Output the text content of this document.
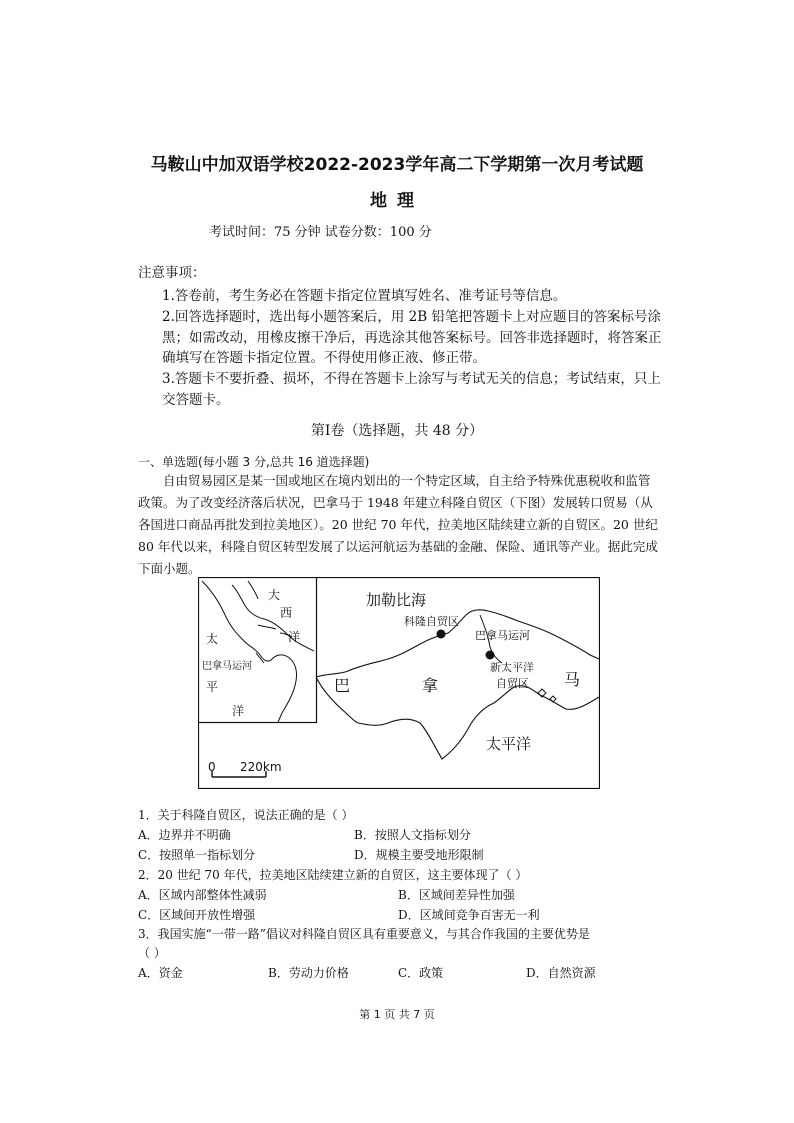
马鞍山中加双语学校2022-2023学年高二下学期第一次月考试题
地理
考试时间：75 分钟 试卷分数：100 分
注意事项：
1.答卷前，考生务必在答题卡指定位置填写姓名、准考证号等信息。
2.回答选择题时，选出每小题答案后，用 2B 铅笔把答题卡上对应题目的答案标号涂黑；如需改动，用橡皮擦干净后，再选涂其他答案标号。回答非选择题时，将答案正确填写在答题卡指定位置。不得使用修正液、修正带。
3.答题卡不要折叠、损坏，不得在答题卡上涂写与考试无关的信息；考试结束，只上交答题卡。
第Ⅰ卷（选择题，共 48 分）
一、单选题(每小题 3 分,总共 16 道选择题)

自由贸易园区是某一国或地区在境内划出的一个特定区域，自主给予特殊优惠税收和监管政策。为了改变经济落后状况，巴拿马于 1948 年建立科隆自贸区（下图）发展转口贸易（从各国进口商品再批发到拉美地区）。20 世纪 70 年代，拉美地区陆续建立新的自贸区。20 世纪 80 年代以来，科隆自贸区转型发展了以运河航运为基础的金融、保险、通讯等产业。据此完成下面小题。

大
西
洋
太
巴拿马运河
平
洋
加勒比海
科隆自贸区
巴拿马运河
新太平洋
自贸区
巴	拿	马
太平洋
0 220km
1．关于科隆自贸区，说法正确的是（ ）
A．边界并不明确	B．按照人文指标划分
C．按照单一指标划分	D．规模主要受地形限制
2．20 世纪 70 年代，拉美地区陆续建立新的自贸区，这主要体现了（ ）
A．区域内部整体性减弱	B．区域间差异性加强
C．区域间开放性增强	D．区域间竞争百害无一利
3．我国实施“一带一路”倡议对科隆自贸区具有重要意义，与其合作我国的主要优势是
（ ）
A．资金	B．劳动力价格	C．政策	D．自然资源
第 1 页 共 7 页
